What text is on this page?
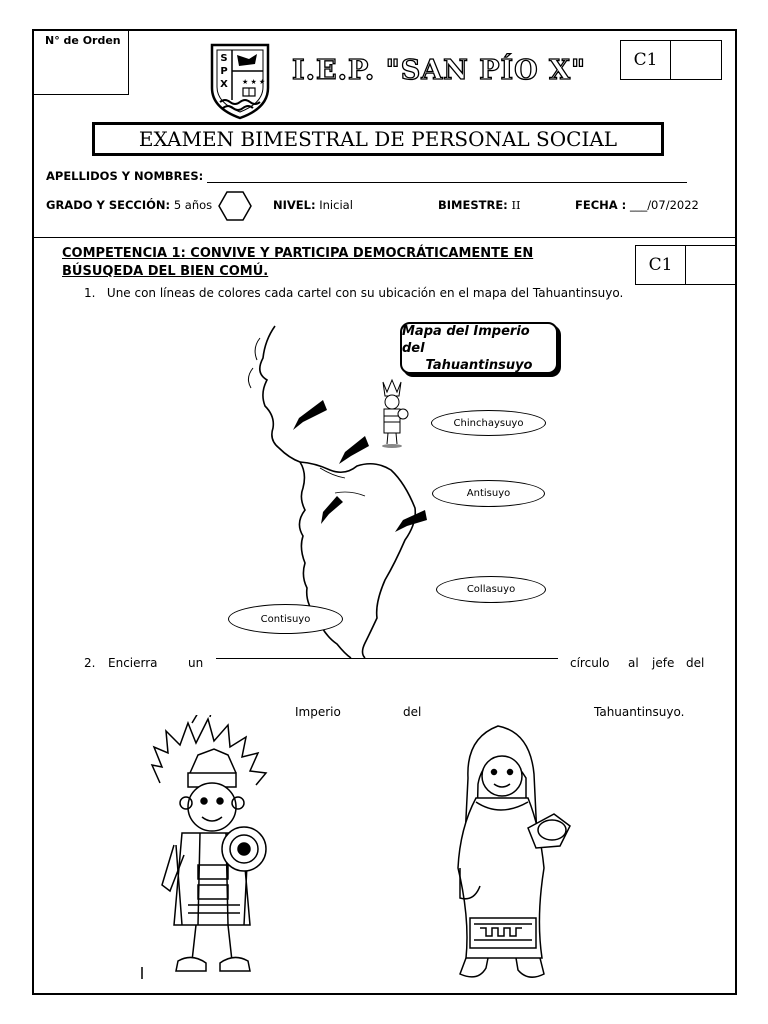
N° de Orden
S
P
X ★ ★ ★ I.E.P. "SAN PÍO X"	C1
EXAMEN BIMESTRAL DE PERSONAL SOCIAL
APELLIDOS Y NOMBRES:
GRADO Y SECCIÓN: 5 años	NIVEL: Inicial	BIMESTRE: II	FECHA : ___/07/2022
COMPETENCIA 1: CONVIVE Y PARTICIPA DEMOCRÁTICAMENTE EN BÚSUQEDA DEL BIEN COMÚ.	C1
1. Une con líneas de colores cada cartel con su ubicación en el mapa del Tahuantinsuyo.
Mapa del Imperio del
Tahuantinsuyo
Chinchaysuyo
Antisuyo
Collasuyo
Contisuyo
2. Encierra	un	círculo al jefe del
Imperio	del	Tahuantinsuyo.
